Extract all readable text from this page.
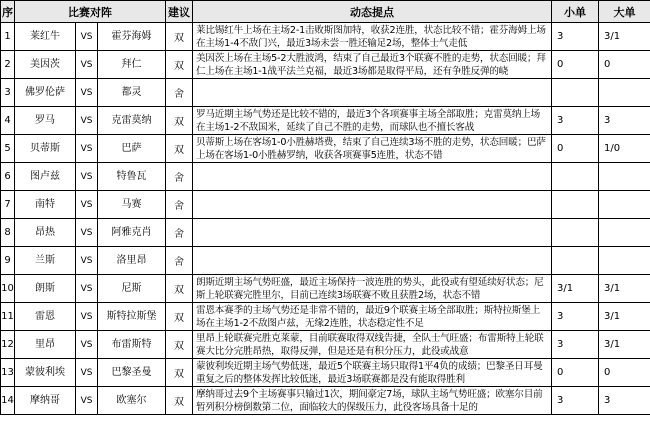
序	比赛对阵			建议	动态提点	小单	大单
1	莱红牛	VS	霍芬海姆	双	莱比锡红牛上场在主场2-1击败斯图加特，收获2连胜，状态比较不错；霍芬海姆上场在主场1-4不敌门兴，最近3场未尝一胜还输足2场，整体士气走低	3	3/1
2	美因茨	VS	拜仁	双	美因茨上场在主场5-2大胜波鸿，结束了自己最近3个联赛不胜的走势，状态回暖；拜仁上场在主场1-1战平法兰克福，最近3场都是取得平局，还有争胜反弹的峣	0	0
3	佛罗伦萨	VS	都灵	舍	

4	罗马	VS	克雷莫纳	双	罗马近期主场气势还是比较不错的，最近3个各项赛事主场全部取胜；克雷莫纳上场在主场1-2不敌国米，延续了自己不胜的走势，而球队也不擅长客战	3	3
5	贝蒂斯	VS	巴萨	双	贝蒂斯上场在客场1-0小胜赫塔费，结束了自己连续3场不胜的走势，状态回暖；巴萨上场在客场1-0小胜赫罗纳，收获各项赛事5连胜，状态不错	0	1/0
6	图卢兹	VS	特鲁瓦	舍	

7	南特	VS	马赛	舍	

8	昂热	VS	阿雅克肖	舍	

9	兰斯	VS	洛里昂	舍	

10	朗斯	VS	尼斯	双	朗斯近期主场气势旺盛，最近主场保持一波连胜的势头，此役或有望延续好状态；尼斯上轮联赛完胜里尔，目前已连续3场联赛不败且获胜2场，状态不错	3/1	3/1
11	雷恩	VS	斯特拉斯堡	双	雷恩本赛季的主场气势还是非常不错的，最近9个联赛主场全部取胜；斯特拉斯堡上场在主场1-2不敌图卢兹，无缘2连胜，状态稳定性不足	3	3/1
12	里昂	VS	布雷斯特	双	里昂上轮联赛完胜克莱蒙，目前联赛取得双线告捷，全队士气旺盛；布雷斯特上轮联赛大比分完胜昂热，取得反弹，但是还是有积分压力，此役或战意	3	3/1
13	蒙彼利埃	VS	巴黎圣曼	双	蒙彼利埃近期主场气势低迷，最近5个联赛主场只取得1平4负的成绩；巴黎圣日耳曼重复之后的整体发挥比较低迷，最近3场联赛都是没有能取得胜利	0	0
14	摩纳哥	VS	欧塞尔	双	摩纳哥过去9个主场赛事只输过1次，期间豪定7场，球队主场气势旺盛；欧塞尔目前暂列积分榜倒数第二位，面临较大的保级压力，此役客场具备十足的	3	3
